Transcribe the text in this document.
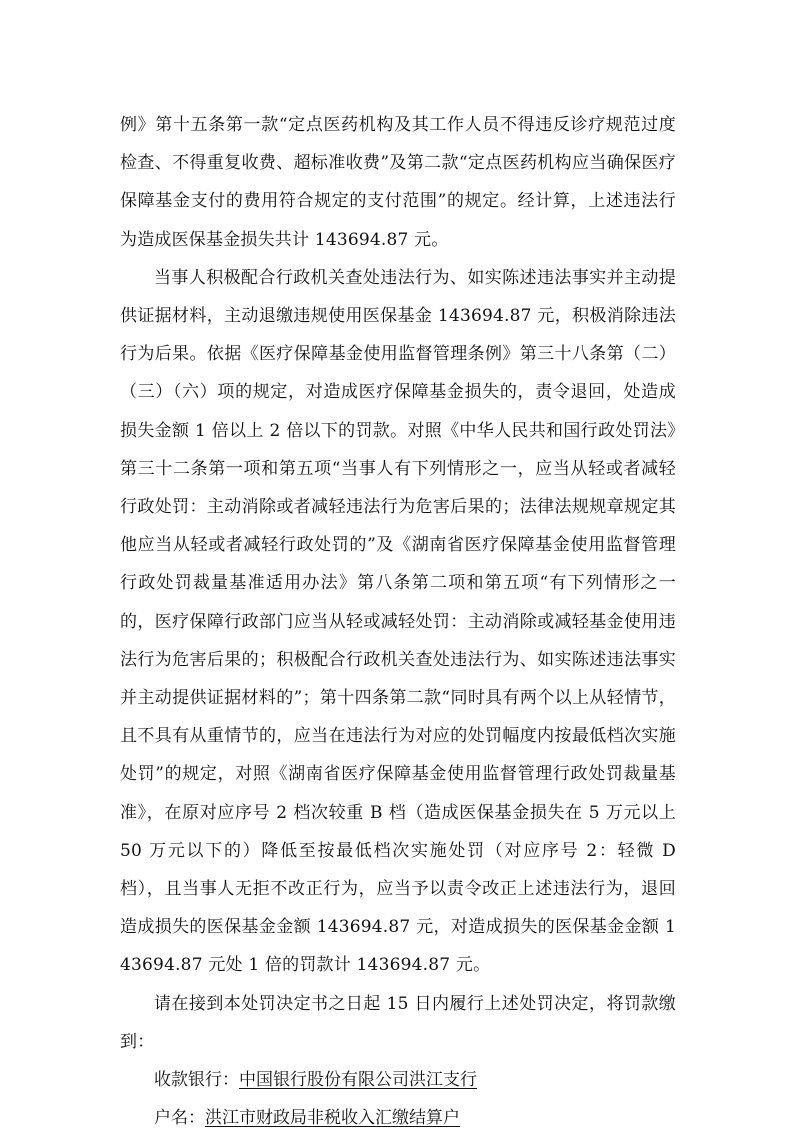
例》第十五条第一款“定点医药机构及其工作人员不得违反诊疗规范过度检查、不得重复收费、超标准收费”及第二款“定点医药机构应当确保医疗保障基金支付的费用符合规定的支付范围”的规定。经计算，上述违法行为造成医保基金损失共计 143694.87 元。

当事人积极配合行政机关查处违法行为、如实陈述违法事实并主动提供证据材料，主动退缴违规使用医保基金 143694.87 元，积极消除违法行为后果。依据《医疗保障基金使用监督管理条例》第三十八条第（二）（三）（六）项的规定，对造成医疗保障基金损失的，责令退回，处造成损失金额 1 倍以上 2 倍以下的罚款。对照《中华人民共和国行政处罚法》第三十二条第一项和第五项“当事人有下列情形之一，应当从轻或者减轻行政处罚：主动消除或者减轻违法行为危害后果的；法律法规规章规定其他应当从轻或者减轻行政处罚的”及《湖南省医疗保障基金使用监督管理行政处罚裁量基准适用办法》第八条第二项和第五项“有下列情形之一的，医疗保障行政部门应当从轻或减轻处罚：主动消除或减轻基金使用违法行为危害后果的；积极配合行政机关查处违法行为、如实陈述违法事实并主动提供证据材料的”；第十四条第二款“同时具有两个以上从轻情节，且不具有从重情节的，应当在违法行为对应的处罚幅度内按最低档次实施处罚”的规定，对照《湖南省医疗保障基金使用监督管理行政处罚裁量基准》，在原对应序号 2 档次较重 B 档（造成医保基金损失在 5 万元以上 50 万元以下的）降低至按最低档次实施处罚（对应序号 2：轻微 D 档），且当事人无拒不改正行为，应当予以责令改正上述违法行为，退回造成损失的医保基金金额 143694.87 元，对造成损失的医保基金金额 143694.87 元处 1 倍的罚款计 143694.87 元。

请在接到本处罚决定书之日起 15 日内履行上述处罚决定，将罚款缴到：

收款银行：中国银行股份有限公司洪江支行

户名：洪江市财政局非税收入汇缴结算户
